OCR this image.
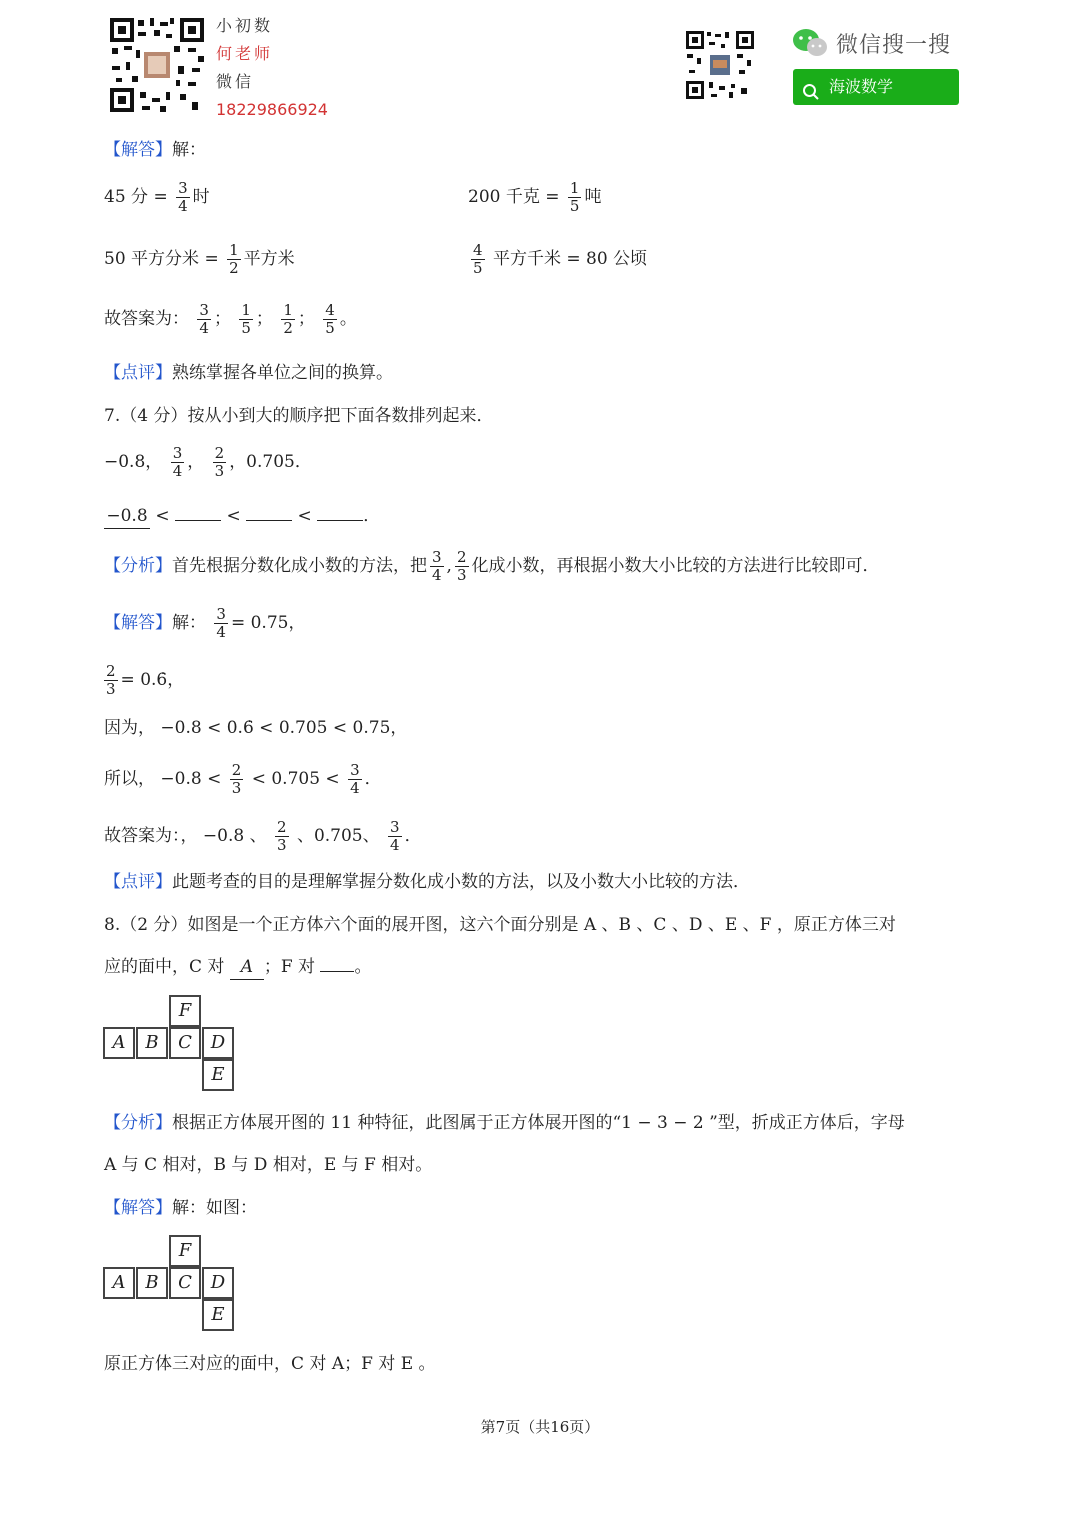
小初数
何老师
微信
18229866924
微信搜一搜
海波数学
【解答】解：
45 分 = $\frac{3}{4}$ 时	200 千克 = $\frac{1}{5}$ 吨
50 平方分米 = $\frac{1}{2}$ 平方米	$\frac{4}{5}$ 平方千米 = 80 公顷
故答案为： $\frac{3}{4}$ ； $\frac{1}{5}$ ； $\frac{1}{2}$ ； $\frac{4}{5}$ 。
【点评】熟练掌握各单位之间的换算。
7.（4 分）按从小到大的顺序把下面各数排列起来．
−0.8， $\frac{3}{4}$ ， $\frac{2}{3}$ ，0.705．
−0.8 <	<	<	．
【分析】首先根据分数化成小数的方法，把 $\frac{3}{4}$ , $\frac{2}{3}$ 化成小数，再根据小数大小比较的方法进行比较即可．
【解答】解： $\frac{3}{4} = 0.75$，
$\frac{2}{3}$ = 0.6̇，
因为， −0.8 < 0.6̇ < 0.705 < 0.75，
所以， $-0.8 < \frac{2}{3} < 0.705 < \frac{3}{4}$ ．
故答案为：， −0.8 、 $\frac{2}{3}$ 、0.705、 $\frac{3}{4}$ ．
【点评】此题考查的目的是理解掌握分数化成小数的方法，以及小数大小比较的方法．
8.（2 分）如图是一个正方体六个面的展开图，这六个面分别是 A 、B 、C 、D 、E 、F ，原正方体三对
应的面中，C 对 A ；F 对 。
F
A	B	C	D
E
【分析】根据正方体展开图的 11 种特征，此图属于正方体展开图的“1 − 3 − 2 ”型，折成正方体后，字母
A 与 C 相对，B 与 D 相对，E 与 F 相对。
【解答】解：如图：
F
A	B	C	D
E
原正方体三对应的面中，C 对 A；F 对 E 。
第7页（共16页）
